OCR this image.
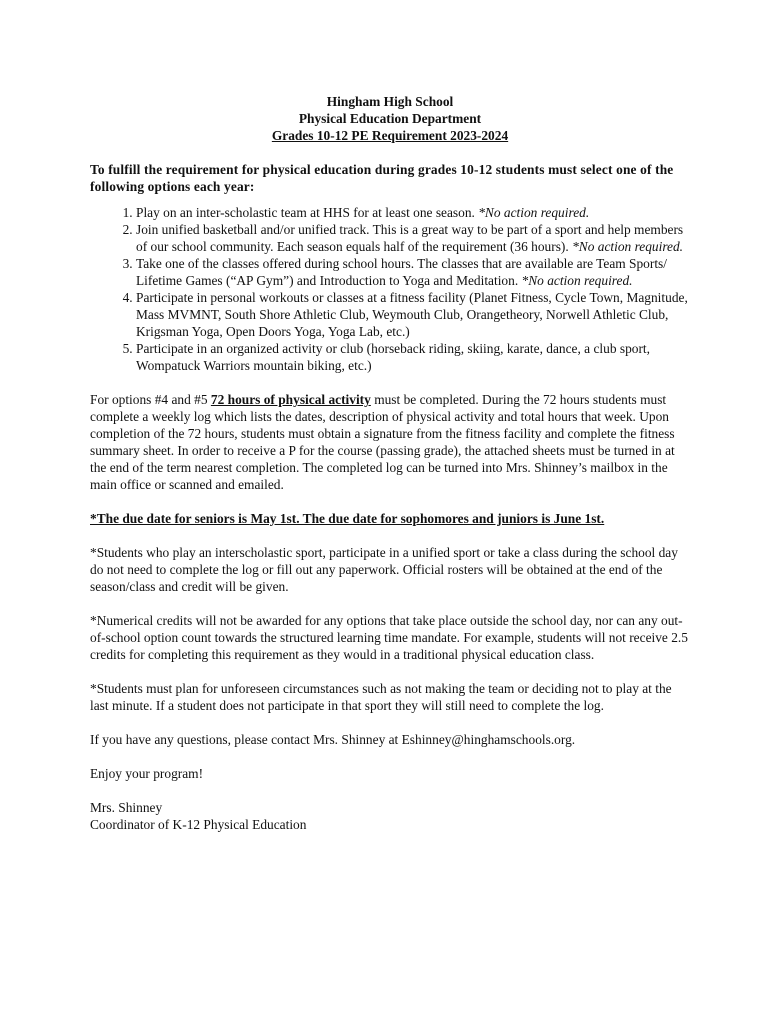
Hingham High School
Physical Education Department
Grades 10-12 PE Requirement 2023-2024

To fulfill the requirement for physical education during grades 10-12 students must select one of the following options each year:

1. Play on an inter-scholastic team at HHS for at least one season. *No action required.
2. Join unified basketball and/or unified track. This is a great way to be part of a sport and help members of our school community. Each season equals half of the requirement (36 hours). *No action required.
3. Take one of the classes offered during school hours. The classes that are available are Team Sports/ Lifetime Games (“AP Gym”) and Introduction to Yoga and Meditation. *No action required.
4. Participate in personal workouts or classes at a fitness facility (Planet Fitness, Cycle Town, Magnitude, Mass MVMNT, South Shore Athletic Club, Weymouth Club, Orangetheory, Norwell Athletic Club, Krigsman Yoga, Open Doors Yoga, Yoga Lab, etc.)
5. Participate in an organized activity or club (horseback riding, skiing, karate, dance, a club sport, Wompatuck Warriors mountain biking, etc.)

For options #4 and #5 72 hours of physical activity must be completed. During the 72 hours students must complete a weekly log which lists the dates, description of physical activity and total hours that week. Upon completion of the 72 hours, students must obtain a signature from the fitness facility and complete the fitness summary sheet. In order to receive a P for the course (passing grade), the attached sheets must be turned in at the end of the term nearest completion. The completed log can be turned into Mrs. Shinney’s mailbox in the main office or scanned and emailed.

*The due date for seniors is May 1st. The due date for sophomores and juniors is June 1st.

*Students who play an interscholastic sport, participate in a unified sport or take a class during the school day do not need to complete the log or fill out any paperwork. Official rosters will be obtained at the end of the season/class and credit will be given.

*Numerical credits will not be awarded for any options that take place outside the school day, nor can any out-of-school option count towards the structured learning time mandate. For example, students will not receive 2.5 credits for completing this requirement as they would in a traditional physical education class.

*Students must plan for unforeseen circumstances such as not making the team or deciding not to play at the last minute. If a student does not participate in that sport they will still need to complete the log.

If you have any questions, please contact Mrs. Shinney at Eshinney@hinghamschools.org.

Enjoy your program!

Mrs. Shinney
Coordinator of K-12 Physical Education
